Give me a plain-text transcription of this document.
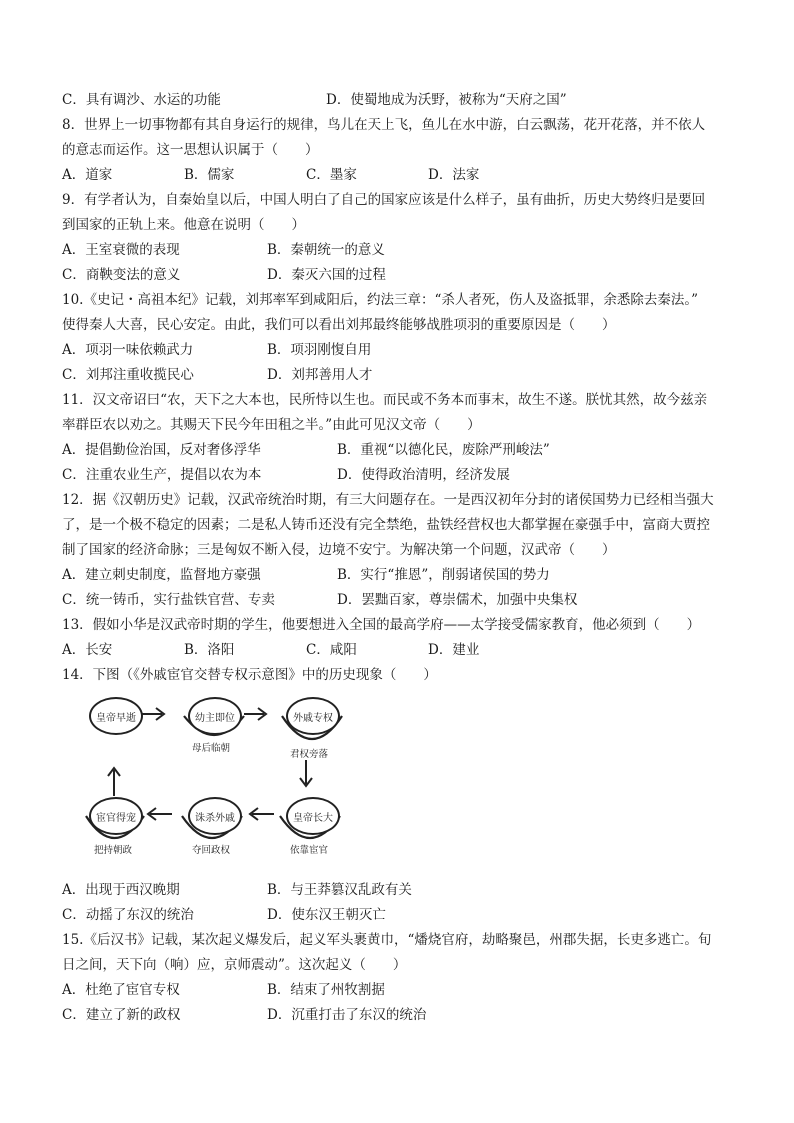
C．具有调沙、水运的功能	D．使蜀地成为沃野，被称为“天府之国”
8．世界上一切事物都有其自身运行的规律，鸟儿在天上飞，鱼儿在水中游，白云飘荡，花开花落，并不依人
的意志而运作。这一思想认识属于（　　）
A．道家	B．儒家	C．墨家	D．法家
9．有学者认为，自秦始皇以后，中国人明白了自己的国家应该是什么样子，虽有曲折，历史大势终归是要回
到国家的正轨上来。他意在说明（　　）
A．王室衰微的表现	B．秦朝统一的意义
C．商鞅变法的意义	D．秦灭六国的过程
10.《史记・高祖本纪》记载，刘邦率军到咸阳后，约法三章：“杀人者死，伤人及盗抵罪，余悉除去秦法。”
使得秦人大喜，民心安定。由此，我们可以看出刘邦最终能够战胜项羽的重要原因是（　　）
A．项羽一味依赖武力	B．项羽刚愎自用
C．刘邦注重收揽民心	D．刘邦善用人才
11．汉文帝诏曰“农，天下之大本也，民所恃以生也。而民或不务本而事末，故生不遂。朕忧其然，故今兹亲
率群臣农以劝之。其赐天下民今年田租之半。”由此可见汉文帝（　　）
A．提倡勤俭治国，反对奢侈浮华	B．重视“以德化民，废除严刑峻法”
C．注重农业生产，提倡以农为本	D．使得政治清明，经济发展
12．据《汉朝历史》记载，汉武帝统治时期，有三大问题存在。一是西汉初年分封的诸侯国势力已经相当强大
了，是一个极不稳定的因素；二是私人铸币还没有完全禁绝，盐铁经营权也大都掌握在豪强手中，富商大贾控
制了国家的经济命脉；三是匈奴不断入侵，边境不安宁。为解决第一个问题，汉武帝（　　）
A．建立刺史制度，监督地方豪强	B．实行“推恩”，削弱诸侯国的势力
C．统一铸币，实行盐铁官营、专卖	D．罢黜百家，尊崇儒术，加强中央集权
13．假如小华是汉武帝时期的学生，他要想进入全国的最高学府——太学接受儒家教育，他必须到（　　）
A．长安	B．洛阳	C．咸阳	D．建业
14．下图（《外戚宦官交替专权示意图》中的历史现象（　　）
皇帝早逝	幼主即位	外戚专权
皇帝长大
诛杀外戚
宦官得宠
母后临朝
君权旁落
依靠宦官
夺回政权
把持朝政
A．出现于西汉晚期	B．与王莽篡汉乱政有关
C．动摇了东汉的统治	D．使东汉王朝灭亡
15.《后汉书》记载，某次起义爆发后，起义军头裹黄巾，“燔烧官府，劫略聚邑，州郡失据，长吏多逃亡。旬
日之间，天下向（响）应，京师震动”。这次起义（　　）
A．杜绝了宦官专权	B．结束了州牧割据
C．建立了新的政权	D．沉重打击了东汉的统治
